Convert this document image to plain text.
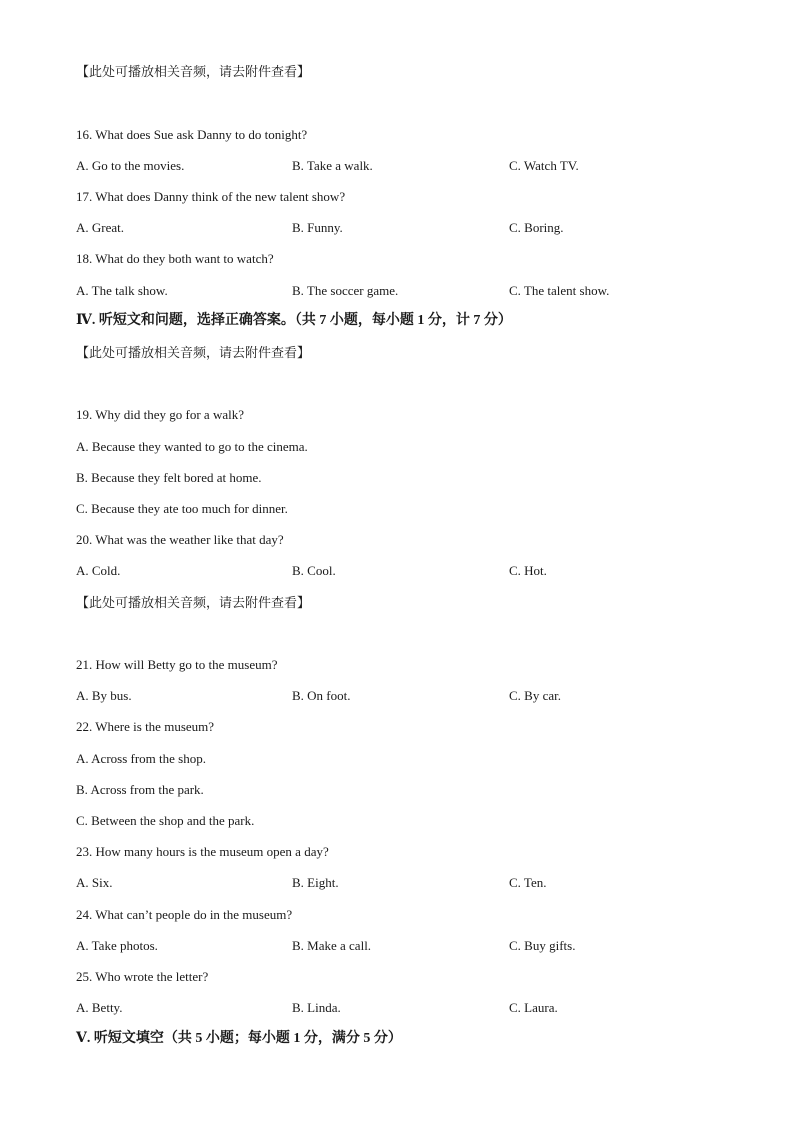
【此处可播放相关音频，请去附件查看】
16. What does Sue ask Danny to do tonight?
A. Go to the movies.	B. Take a walk.	C. Watch TV.
17. What does Danny think of the new talent show?
A. Great.	B. Funny.	C. Boring.
18. What do they both want to watch?
A. The talk show.	B. The soccer game.	C. The talent show.
Ⅳ. 听短文和问题，选择正确答案。（共 7 小题，每小题 1 分，计 7 分）
【此处可播放相关音频，请去附件查看】
19. Why did they go for a walk?
A. Because they wanted to go to the cinema.
B. Because they felt bored at home.
C. Because they ate too much for dinner.
20. What was the weather like that day?
A. Cold.	B. Cool.	C. Hot.
【此处可播放相关音频，请去附件查看】
21. How will Betty go to the museum?
A. By bus.	B. On foot.	C. By car.
22. Where is the museum?
A. Across from the shop.
B. Across from the park.
C. Between the shop and the park.
23. How many hours is the museum open a day?
A. Six.	B. Eight.	C. Ten.
24. What can’t people do in the museum?
A. Take photos.	B. Make a call.	C. Buy gifts.
25. Who wrote the letter?
A. Betty.	B. Linda.	C. Laura.
Ⅴ. 听短文填空（共 5 小题；每小题 1 分，满分 5 分）
